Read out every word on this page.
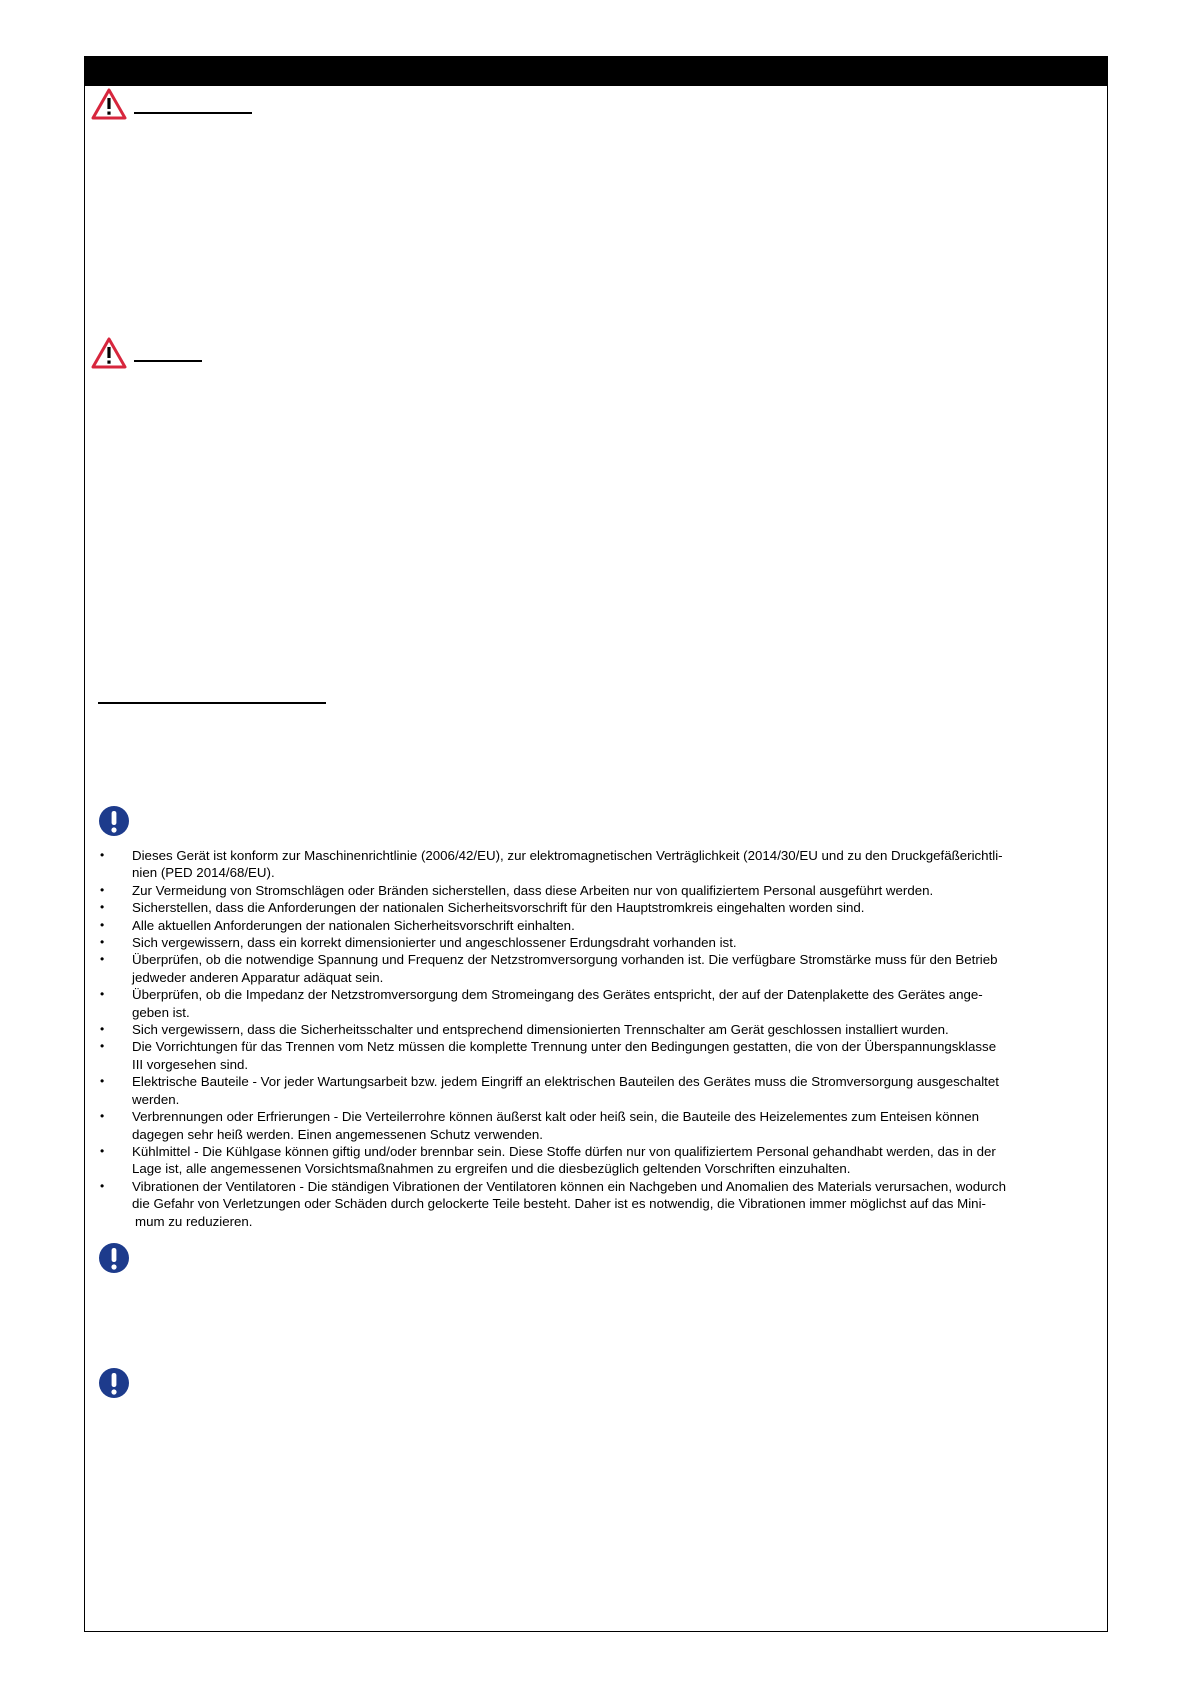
• Dieses Gerät ist konform zur Maschinenrichtlinie (2006/42/EU), zur elektromagnetischen Verträglichkeit (2014/30/EU und zu den Druckgefäßerichtli-
nien (PED 2014/68/EU).
• Zur Vermeidung von Stromschlägen oder Bränden sicherstellen, dass diese Arbeiten nur von qualifiziertem Personal ausgeführt werden.
• Sicherstellen, dass die Anforderungen der nationalen Sicherheitsvorschrift für den Hauptstromkreis eingehalten worden sind.
• Alle aktuellen Anforderungen der nationalen Sicherheitsvorschrift einhalten.
• Sich vergewissern, dass ein korrekt dimensionierter und angeschlossener Erdungsdraht vorhanden ist.
• Überprüfen, ob die notwendige Spannung und Frequenz der Netzstromversorgung vorhanden ist. Die verfügbare Stromstärke muss für den Betrieb
jedweder anderen Apparatur adäquat sein.
• Überprüfen, ob die Impedanz der Netzstromversorgung dem Stromeingang des Gerätes entspricht, der auf der Datenplakette des Gerätes ange-
geben ist.
• Sich vergewissern, dass die Sicherheitsschalter und entsprechend dimensionierten Trennschalter am Gerät geschlossen installiert wurden.
• Die Vorrichtungen für das Trennen vom Netz müssen die komplette Trennung unter den Bedingungen gestatten, die von der Überspannungsklasse
III vorgesehen sind.
• Elektrische Bauteile - Vor jeder Wartungsarbeit bzw. jedem Eingriff an elektrischen Bauteilen des Gerätes muss die Stromversorgung ausgeschaltet
werden.
• Verbrennungen oder Erfrierungen - Die Verteilerrohre können äußerst kalt oder heiß sein, die Bauteile des Heizelementes zum Enteisen können
dagegen sehr heiß werden. Einen angemessenen Schutz verwenden.
• Kühlmittel - Die Kühlgase können giftig und/oder brennbar sein. Diese Stoffe dürfen nur von qualifiziertem Personal gehandhabt werden, das in der
Lage ist, alle angemessenen Vorsichtsmaßnahmen zu ergreifen und die diesbezüglich geltenden Vorschriften einzuhalten.
• Vibrationen der Ventilatoren - Die ständigen Vibrationen der Ventilatoren können ein Nachgeben und Anomalien des Materials verursachen, wodurch
die Gefahr von Verletzungen oder Schäden durch gelockerte Teile besteht. Daher ist es notwendig, die Vibrationen immer möglichst auf das Mini-
mum zu reduzieren.
